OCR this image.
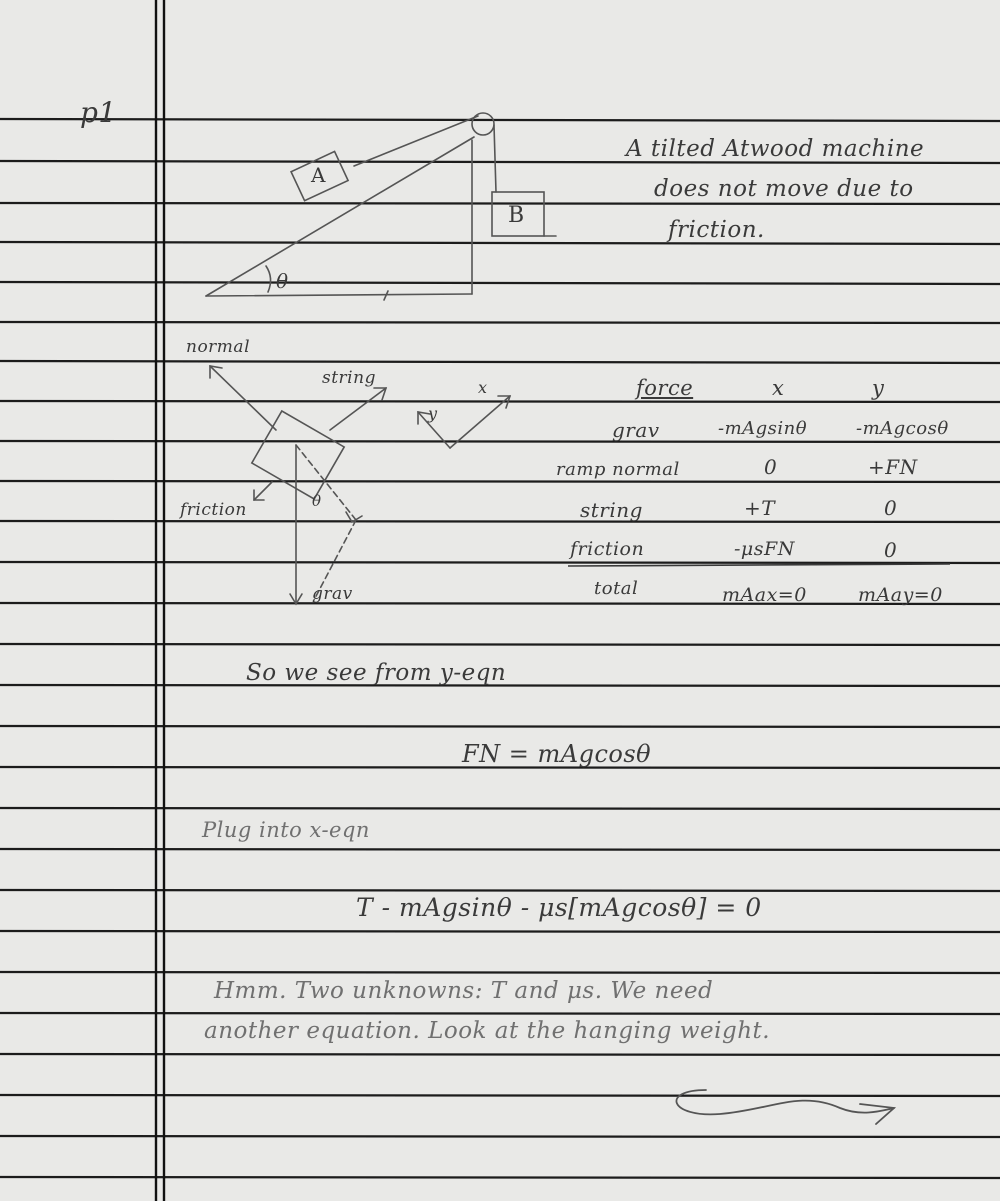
A
B
θ
p1
A tilted Atwood machine
does not move due to
friction.
normal
string
friction
grav
θ
x
y
force	x	y
grav	-mAgsinθ	-mAgcosθ
ramp normal	0	+FN
string	+T	0
friction	-μsFN	0
total	mAax=0	mAay=0
So we see from y-eqn
FN = mAgcosθ
Plug into x-eqn
T - mAgsinθ - μs[mAgcosθ] = 0
Hmm. Two unknowns: T and μs. We need
another equation. Look at the hanging weight.
